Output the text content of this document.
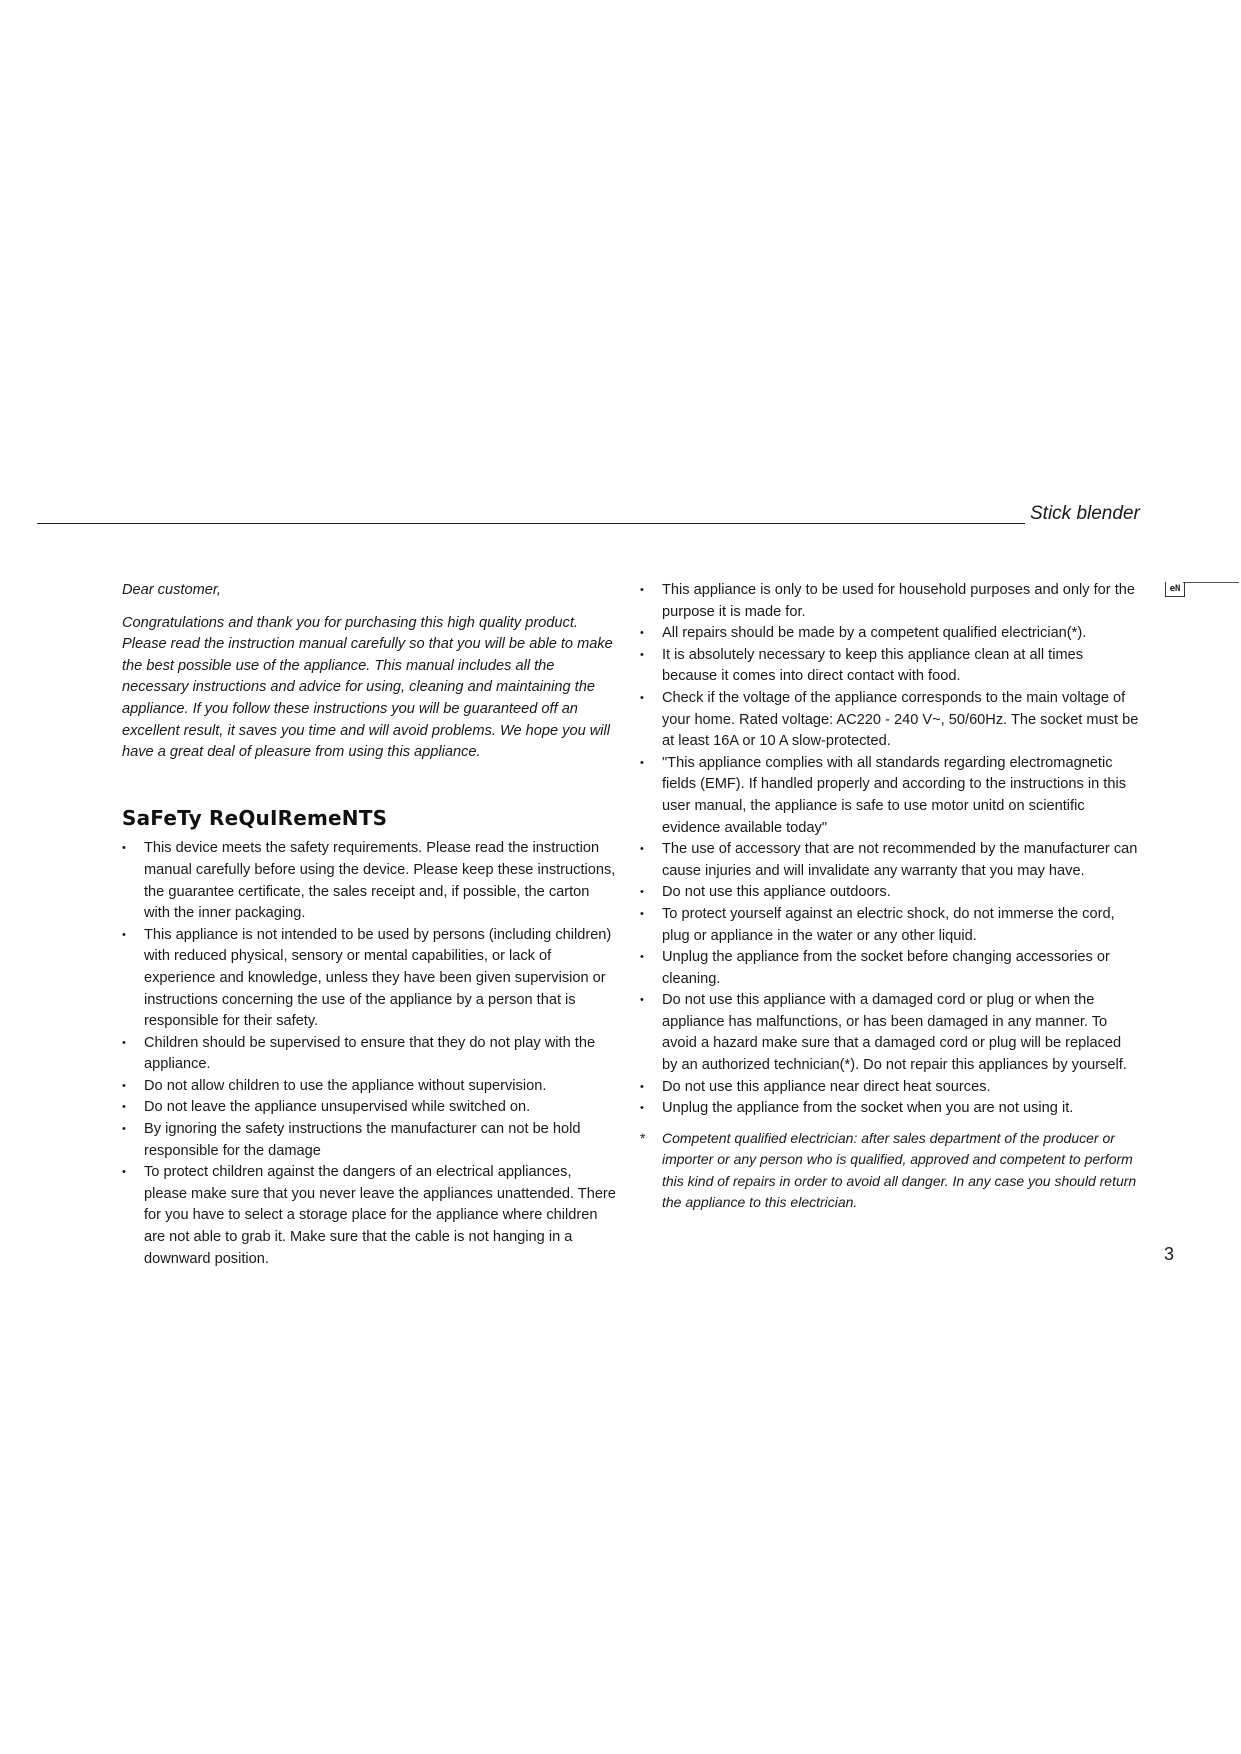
Stick blender
eN

Dear customer,

Congratulations and thank you for purchasing this high quality product. Please read the instruction manual carefully so that you will be able to make the best possible use of the appliance. This manual includes all the necessary instructions and advice for using, cleaning and maintaining the appliance. If you follow these instructions you will be guaranteed off an excellent result, it saves you time and will avoid problems. We hope you will have a great deal of pleasure from using this appliance.

SaFeTy ReQuIRemeNTS
• This device meets the safety requirements. Please read the instruction manual carefully before using the device. Please keep these instructions, the guarantee certificate, the sales receipt and, if possible, the carton with the inner packaging.
• This appliance is not intended to be used by persons (including children) with reduced physical, sensory or mental capabilities, or lack of experience and knowledge, unless they have been given supervision or instructions concerning the use of the appliance by a person that is responsible for their safety.
• Children should be supervised to ensure that they do not play with the appliance.
• Do not allow children to use the appliance without supervision.
• Do not leave the appliance unsupervised while switched on.
• By ignoring the safety instructions the manufacturer can not be hold responsible for the damage
• To protect children against the dangers of an electrical appliances, please make sure that you never leave the appliances unattended. There for you have to select a storage place for the appliance where children are not able to grab it. Make sure that the cable is not hanging in a downward position.
• This appliance is only to be used for household purposes and only for the purpose it is made for.
• All repairs should be made by a competent qualified electrician(*).
• It is absolutely necessary to keep this appliance clean at all times because it comes into direct contact with food.
• Check if the voltage of the appliance corresponds to the main voltage of your home. Rated voltage: AC220 - 240 V~, 50/60Hz. The socket must be at least 16A or 10 A slow-protected.
• "This appliance complies with all standards regarding electromagnetic fields (EMF). If handled properly and according to the instructions in this user manual, the appliance is safe to use motor unitd on scientific evidence available today"
• The use of accessory that are not recommended by the manufacturer can cause injuries and will invalidate any warranty that you may have.
• Do not use this appliance outdoors.
• To protect yourself against an electric shock, do not immerse the cord, plug or appliance in the water or any other liquid.
• Unplug the appliance from the socket before changing accessories or cleaning.
• Do not use this appliance with a damaged cord or plug or when the appliance has malfunctions, or has been damaged in any manner. To avoid a hazard make sure that a damaged cord or plug will be replaced by an authorized technician(*). Do not repair this appliances by yourself.
• Do not use this appliance near direct heat sources.
• Unplug the appliance from the socket when you are not using it.
* Competent qualified electrician: after sales department of the producer or importer or any person who is qualified, approved and competent to perform this kind of repairs in order to avoid all danger. In any case you should return the appliance to this electrician.
3
